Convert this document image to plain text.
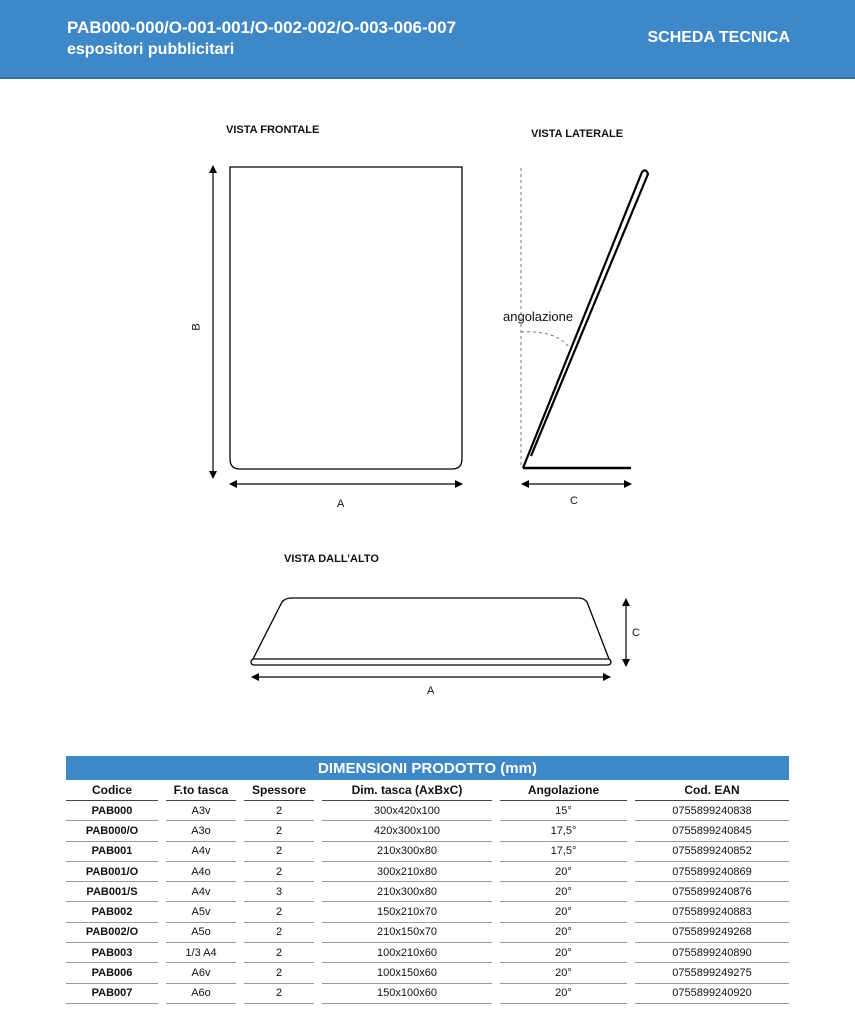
PAB000-000/O-001-001/O-002-002/O-003-006-007
espositori pubblicitari
SCHEDA TECNICA
VISTA FRONTALE	VISTA LATERALE
VISTA DALL’ALTO
B
A
angolazione
C
C
A
DIMENSIONI PRODOTTO (mm)
Codice	F.to tasca	Spessore	Dim. tasca (AxBxC)	Angolazione	Cod. EAN
PAB000	A3v	2	300x420x100	15°	0755899240838
PAB000/O	A3o	2	420x300x100	17,5°	0755899240845
PAB001	A4v	2	210x300x80	17,5°	0755899240852
PAB001/O	A4o	2	300x210x80	20°	0755899240869
PAB001/S	A4v	3	210x300x80	20°	0755899240876
PAB002	A5v	2	150x210x70	20°	0755899240883
PAB002/O	A5o	2	210x150x70	20°	0755899249268
PAB003	1/3 A4	2	100x210x60	20°	0755899240890
PAB006	A6v	2	100x150x60	20°	0755899249275
PAB007	A6o	2	150x100x60	20°	0755899240920
